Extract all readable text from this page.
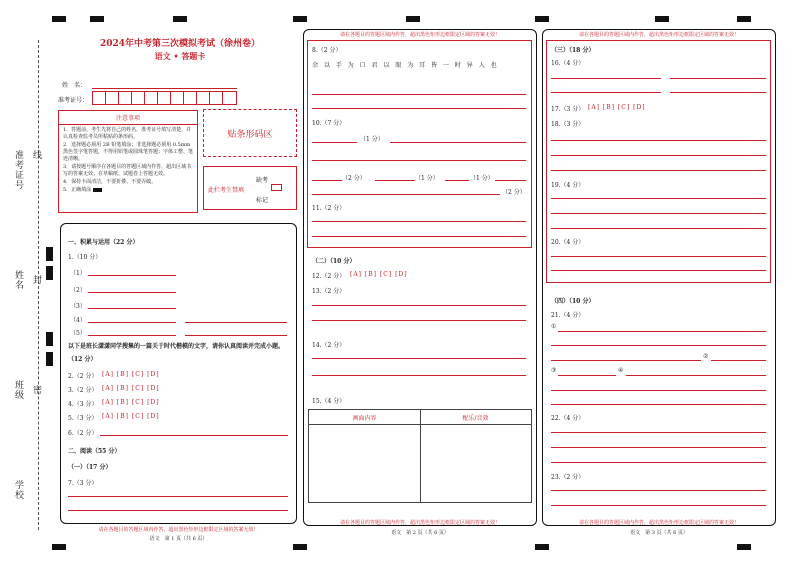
准考证号 线
姓名 封
班级 密
学校
2024年中考第三次模拟考试（徐州卷）
语文 • 答题卡
姓　名：
准考证号：
注意事项
1．答题前，考生先将自己的姓名，准考证号填写清楚，并认真检查监考员所粘贴的条形码。
2．选择题必须用 2B 铅笔填涂；非选择题必须用 0.5mm 黑色签字笔答题，不得用铅笔或圆珠笔答题；字体工整、笔迹清晰。
3．请按题号顺序在各题目的答题区域内作答，超出区域书写的答案无效；在草稿纸、试题卷上答题无效。
4．保持卡面清洁，不要折叠、不要弄破。
5．正确填涂
贴条形码区
此栏考生禁填
缺考
标记
一、积累与运用（22 分）
1.（10 分）
（1）
（2）
（3）
（4）
（5）
以下是班长潇潇同学搜集的一篇关于时代楷模的文字，请你认真阅读并完成小题。（12 分）
2.（2 分） [A] [B] [C] [D]
3.（2 分） [A] [B] [C] [D]
4.（3 分） [A] [B] [C] [D]
5.（3 分） [A] [B] [C] [D]
6.（2 分）
二、阅读（55 分）
（一）（17 分）
7.（3 分）
请在各题目的答题区域内作答，超出黑色矩形边框限定区域的答案无效！
语文　第 1 页（共 6 页）
请在各题目的答题区域内作答，超出黑色矩形边框限定区域的答案无效！
8.（2 分）
余 以 手 为 口 君 以 眼 为 耳 皆 一 时 异 人 也
10.（7 分）
（1 分）
（2 分）	（1 分）	（1 分）
（2 分）
11.（2 分）
（二）（10 分）
12.（2 分） [A] [B] [C] [D]
13.（2 分）
14.（2 分）
15.（4 分）
画面内容	配乐/音效
请在各题目的答题区域内作答，超出黑色矩形边框限定区域的答案无效！
语文　第 2 页（共 6 页）
请在各题目的答题区域内作答，超出黑色矩形边框限定区域的答案无效！
（三）（18 分）
16.（4 分）
17.（3 分） [A] [B] [C] [D]
18.（3 分）
19.（4 分）
20.（4 分）
（四）（10 分）
21.（4 分）
①
②
③	④
22.（4 分）
23.（2 分）
请在各题目的答题区域内作答，超出黑色矩形边框限定区域的答案无效！
语文　第 3 页（共 6 页）
